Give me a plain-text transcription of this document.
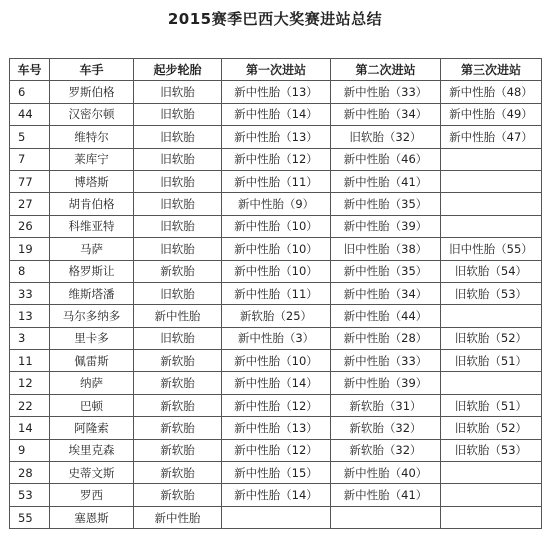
2015赛季巴西大奖赛进站总结
车号	车手	起步轮胎	第一次进站	第二次进站	第三次进站
6	罗斯伯格	旧软胎	新中性胎（13）	新中性胎（33）	新中性胎（48）
44	汉密尔顿	旧软胎	新中性胎（14）	新中性胎（34）	新中性胎（49）
5	维特尔	旧软胎	新中性胎（13）	旧软胎（32）	新中性胎（47）
7	莱库宁	旧软胎	新中性胎（12）	新中性胎（46）	
77	博塔斯	旧软胎	新中性胎（11）	新中性胎（41）	
27	胡肯伯格	旧软胎	新中性胎（9）	新中性胎（35）	
26	科维亚特	旧软胎	新中性胎（10）	新中性胎（39）	
19	马萨	旧软胎	新中性胎（10）	旧中性胎（38）	旧中性胎（55）
8	格罗斯让	新软胎	新中性胎（10）	新中性胎（35）	旧软胎（54）
33	维斯塔潘	旧软胎	新中性胎（11）	新中性胎（34）	旧软胎（53）
13	马尔多纳多	新中性胎	新软胎（25）	新中性胎（44）	
3	里卡多	旧软胎	新中性胎（3）	新中性胎（28）	旧软胎（52）
11	佩雷斯	新软胎	新中性胎（10）	新中性胎（33）	旧软胎（51）
12	纳萨	新软胎	新中性胎（14）	新中性胎（39）	
22	巴顿	新软胎	新中性胎（12）	新软胎（31）	旧软胎（51）
14	阿隆索	新软胎	新中性胎（13）	新软胎（32）	旧软胎（52）
9	埃里克森	新软胎	新中性胎（12）	新软胎（32）	旧软胎（53）
28	史蒂文斯	新软胎	新中性胎（15）	新中性胎（40）	
53	罗西	新软胎	新中性胎（14）	新中性胎（41）	
55	塞恩斯	新中性胎			
